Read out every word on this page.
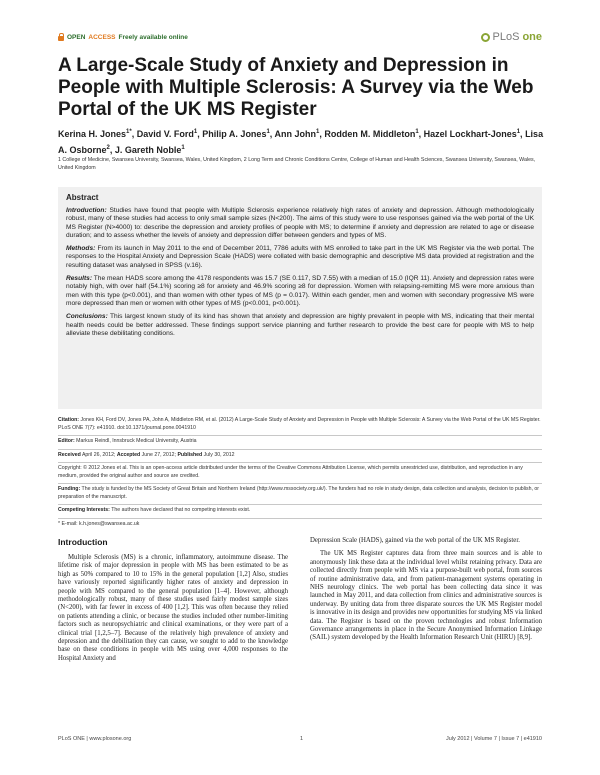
OPEN ACCESS Freely available online	PLoS one
A Large-Scale Study of Anxiety and Depression in People with Multiple Sclerosis: A Survey via the Web Portal of the UK MS Register
Kerina H. Jones$^{1*}$, David V. Ford$^1$, Philip A. Jones$^1$, Ann John$^1$, Rodden M. Middleton$^1$, Hazel Lockhart-Jones$^1$, Lisa A. Osborne$^2$, J. Gareth Noble$^1$
1 College of Medicine, Swansea University, Swansea, Wales, United Kingdom, 2 Long Term and Chronic Conditions Centre, College of Human and Health Sciences, Swansea University, Swansea, Wales, United Kingdom
Abstract

Introduction: Studies have found that people with Multiple Sclerosis experience relatively high rates of anxiety and depression. Although methodologically robust, many of these studies had access to only small sample sizes (N<200). The aims of this study were to use responses gained via the web portal of the UK MS Register (N>4000) to: describe the depression and anxiety profiles of people with MS; to determine if anxiety and depression are related to age or disease duration; and to assess whether the levels of anxiety and depression differ between genders and types of MS.

Methods: From its launch in May 2011 to the end of December 2011, 7786 adults with MS enrolled to take part in the UK MS Register via the web portal. The responses to the Hospital Anxiety and Depression Scale (HADS) were collated with basic demographic and descriptive MS data provided at registration and the resulting dataset was analysed in SPSS (v.16).

Results: The mean HADS score among the 4178 respondents was 15.7 (SE 0.117, SD 7.55) with a median of 15.0 (IQR 11). Anxiety and depression rates were notably high, with over half (54.1%) scoring ≥8 for anxiety and 46.9% scoring ≥8 for depression. Women with relapsing-remitting MS were more anxious than men with this type (p<0.001), and than women with other types of MS (p = 0.017). Within each gender, men and women with secondary progressive MS were more depressed than men or women with other types of MS (p<0.001, p<0.001).

Conclusions: This largest known study of its kind has shown that anxiety and depression are highly prevalent in people with MS, indicating that their mental health needs could be better addressed. These findings support service planning and further research to provide the best care for people with MS to help alleviate these debilitating conditions.

Citation: Jones KH, Ford DV, Jones PA, John A, Middleton RM, et al. (2012) A Large-Scale Study of Anxiety and Depression in People with Multiple Sclerosis: A Survey via the Web Portal of the UK MS Register. PLoS ONE 7(7): e41910. doi:10.1371/journal.pone.0041910
Editor: Markus Reindl, Innsbruck Medical University, Austria
Received April 26, 2012; Accepted June 27, 2012; Published July 30, 2012
Copyright: © 2012 Jones et al. This is an open-access article distributed under the terms of the Creative Commons Attribution License, which permits unrestricted use, distribution, and reproduction in any medium, provided the original author and source are credited.
Funding: The study is funded by the MS Society of Great Britain and Northern Ireland (http://www.mssociety.org.uk/). The funders had no role in study design, data collection and analysis, decision to publish, or preparation of the manuscript.
Competing Interests: The authors have declared that no competing interests exist.
* E-mail: k.h.jones@swansea.ac.uk
Introduction

Multiple Sclerosis (MS) is a chronic, inflammatory, autoimmune disease. The lifetime risk of major depression in people with MS has been estimated to be as high as 50% compared to 10 to 15% in the general population [1,2] Also, studies have variously reported significantly higher rates of anxiety and depression in people with MS compared to the general population [1–4]. However, although methodologically robust, many of these studies used fairly modest sample sizes (N<200), with far fewer in excess of 400 [1,2]. This was often because they relied on patients attending a clinic, or because the studies included other number-limiting factors such as neuropsychiatric and clinical examinations, or they were part of a clinical trial [1,2,5–7]. Because of the relatively high prevalence of anxiety and depression and the debilitation they can cause, we sought to add to the knowledge base on these conditions in people with MS using over 4,000 responses to the Hospital Anxiety and

Depression Scale (HADS), gained via the web portal of the UK MS Register.

The UK MS Register captures data from three main sources and is able to anonymously link these data at the individual level whilst retaining privacy. Data are collected directly from people with MS via a purpose-built web portal, from sources of routine administrative data, and from patient-management systems operating in NHS neurology clinics. The web portal has been collecting data since it was launched in May 2011, and data collection from clinics and administrative sources is underway. By uniting data from three disparate sources the UK MS Register model is innovative in its design and provides new opportunities for studying MS via linked data. The Register is based on the proven technologies and robust Information Governance arrangements in place in the Secure Anonymised Information Linkage (SAIL) system developed by the Health Information Research Unit (HIRU) [8,9].

PLoS ONE | www.plosone.org	1	July 2012 | Volume 7 | Issue 7 | e41910
